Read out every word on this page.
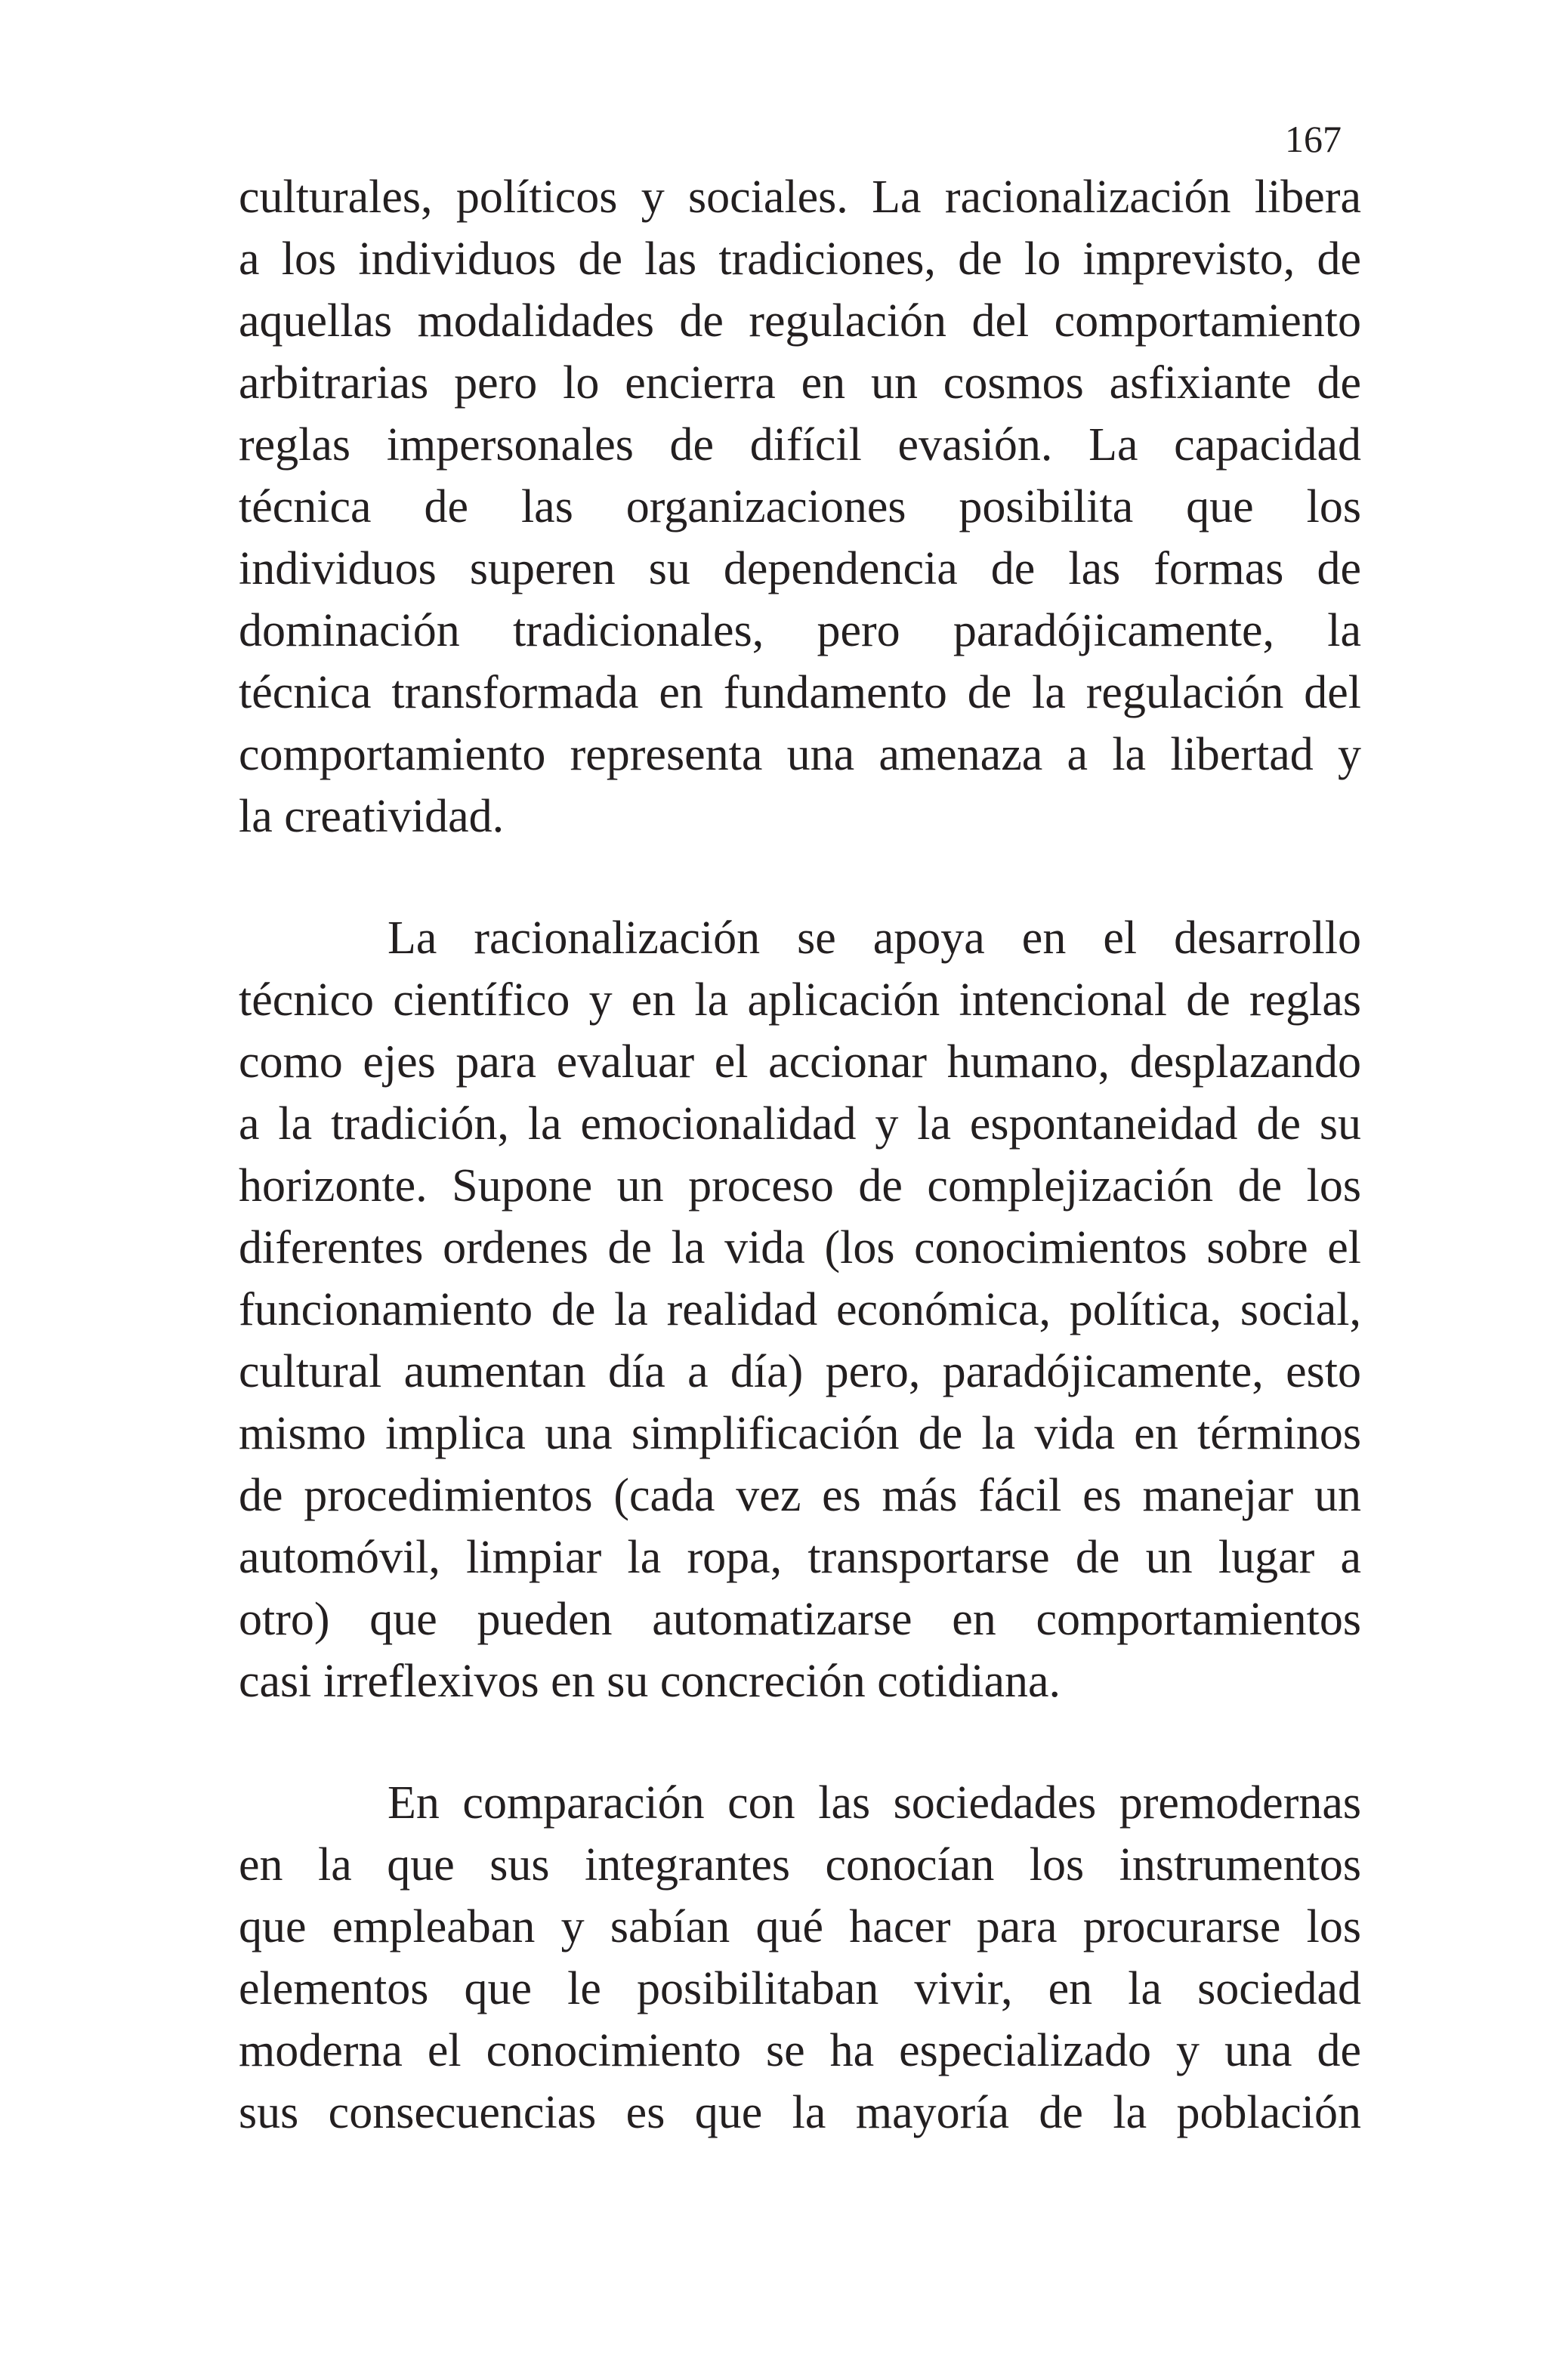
167
culturales, políticos y sociales. La racionalización libera
a los individuos de las tradiciones, de lo imprevisto, de
aquellas modalidades de regulación del comportamiento
arbitrarias pero lo encierra en un cosmos asfixiante de
reglas impersonales de difícil evasión. La capacidad
técnica de las organizaciones posibilita que los
individuos superen su dependencia de las formas de
dominación tradicionales, pero paradójicamente, la
técnica transformada en fundamento de la regulación del
comportamiento representa una amenaza a la libertad y
la creatividad.
La racionalización se apoya en el desarrollo
técnico científico y en la aplicación intencional de reglas
como ejes para evaluar el accionar humano, desplazando
a la tradición, la emocionalidad y la espontaneidad de su
horizonte. Supone un proceso de complejización de los
diferentes ordenes de la vida (los conocimientos sobre el
funcionamiento de la realidad económica, política, social,
cultural aumentan día a día) pero, paradójicamente, esto
mismo implica una simplificación de la vida en términos
de procedimientos (cada vez es más fácil es manejar un
automóvil, limpiar la ropa, transportarse de un lugar a
otro) que pueden automatizarse en comportamientos
casi irreflexivos en su concreción cotidiana.
En comparación con las sociedades premodernas
en la que sus integrantes conocían los instrumentos
que empleaban y sabían qué hacer para procurarse los
elementos que le posibilitaban vivir, en la sociedad
moderna el conocimiento se ha especializado y una de
sus consecuencias es que la mayoría de la población
